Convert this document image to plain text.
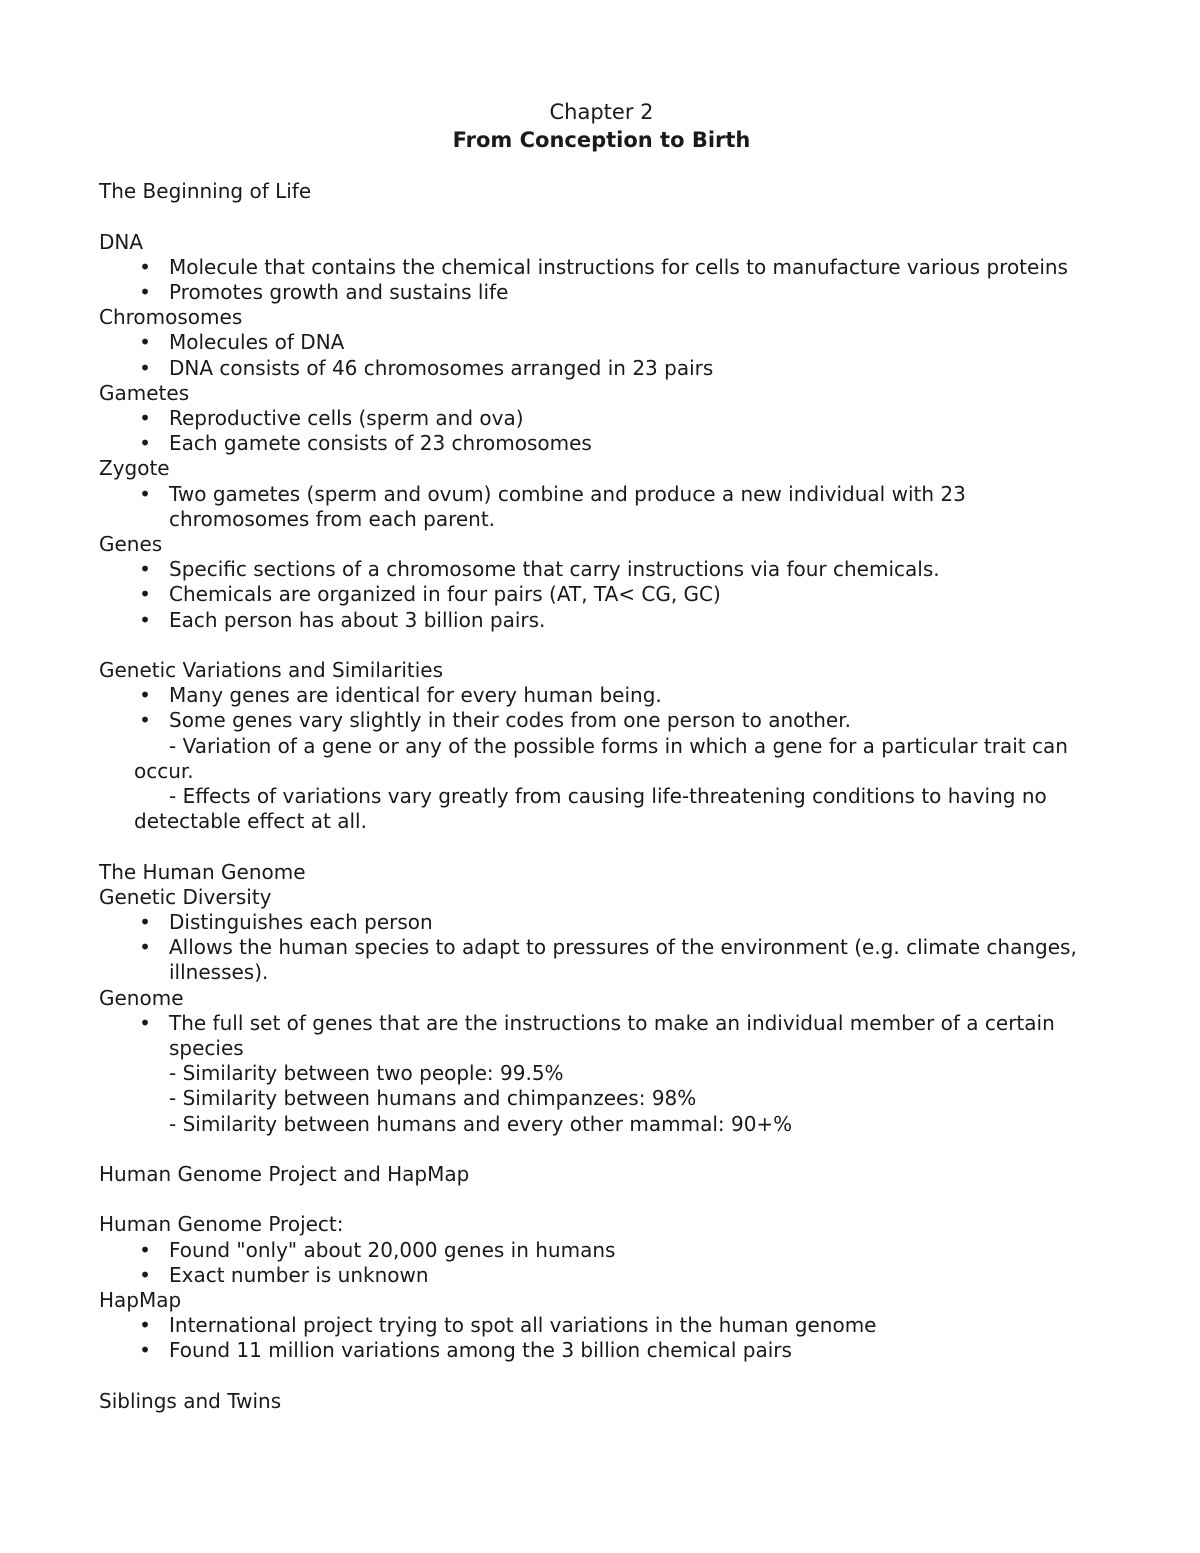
Chapter 2

From Conception to Birth

The Beginning of Life

DNA

• Molecule that contains the chemical instructions for cells to manufacture various proteins
• Promotes growth and sustains life

Chromosomes

• Molecules of DNA
• DNA consists of 46 chromosomes arranged in 23 pairs

Gametes

• Reproductive cells (sperm and ova)
• Each gamete consists of 23 chromosomes

Zygote

• Two gametes (sperm and ovum) combine and produce a new individual with 23 chromosomes from each parent.

Genes

• Specific sections of a chromosome that carry instructions via four chemicals.
• Chemicals are organized in four pairs (AT, TA< CG, GC)
• Each person has about 3 billion pairs.

Genetic Variations and Similarities

• Many genes are identical for every human being.
• Some genes vary slightly in their codes from one person to another.

- Variation of a gene or any of the possible forms in which a gene for a particular trait can occur.

- Effects of variations vary greatly from causing life-threatening conditions to having no detectable effect at all.

The Human Genome

Genetic Diversity

• Distinguishes each person
• Allows the human species to adapt to pressures of the environment (e.g. climate changes, illnesses).

Genome

• The full set of genes that are the instructions to make an individual member of a certain species

- Similarity between two people: 99.5%

- Similarity between humans and chimpanzees: 98%

- Similarity between humans and every other mammal: 90+%

Human Genome Project and HapMap

Human Genome Project:

• Found "only" about 20,000 genes in humans
• Exact number is unknown

HapMap

• International project trying to spot all variations in the human genome
• Found 11 million variations among the 3 billion chemical pairs

Siblings and Twins
